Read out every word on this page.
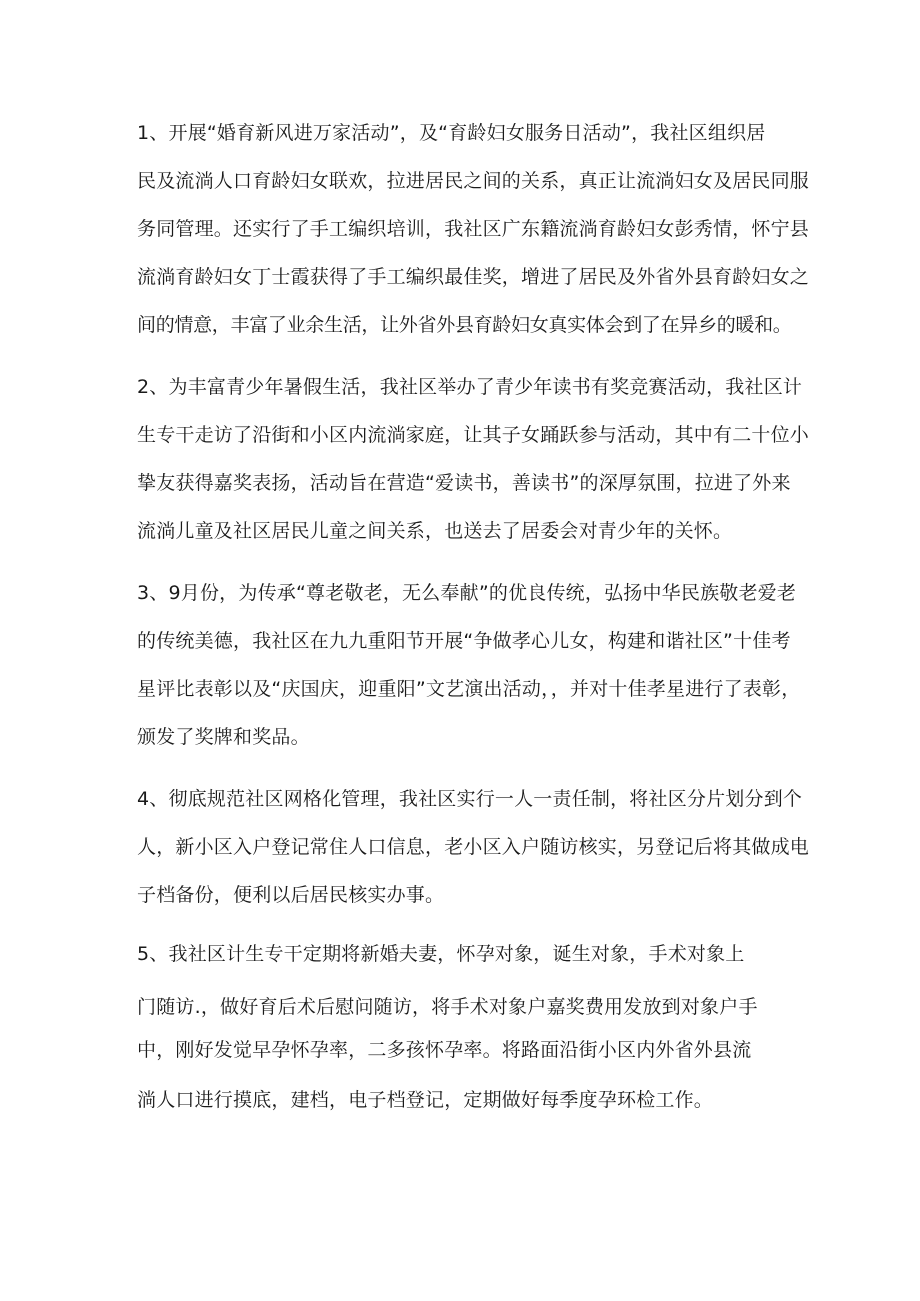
1、开展“婚育新风进万家活动”，及“育龄妇女服务日活动”，我社区组织居

民及流淌人口育龄妇女联欢，拉进居民之间的关系，真正让流淌妇女及居民同服

务同管理。还实行了手工编织培训，我社区广东籍流淌育龄妇女彭秀情，怀宁县

流淌育龄妇女丁士霞获得了手工编织最佳奖，增进了居民及外省外县育龄妇女之

间的情意，丰富了业余生活，让外省外县育龄妇女真实体会到了在异乡的暖和。

2、为丰富青少年暑假生活，我社区举办了青少年读书有奖竞赛活动，我社区计

生专干走访了沿街和小区内流淌家庭，让其子女踊跃参与活动，其中有二十位小

挚友获得嘉奖表扬，活动旨在营造“爱读书，善读书”的深厚氛围，拉进了外来

流淌儿童及社区居民儿童之间关系，也送去了居委会对青少年的关怀。

3、9月份，为传承“尊老敬老，无么奉献”的优良传统，弘扬中华民族敬老爱老

的传统美德，我社区在九九重阳节开展“争做孝心儿女，构建和谐社区”十佳考

星评比表彰以及“庆国庆，迎重阳”文艺演出活动，，并对十佳孝星进行了表彰，

颁发了奖牌和奖品。

4、彻底规范社区网格化管理，我社区实行一人一责任制，将社区分片划分到个

人，新小区入户登记常住人口信息，老小区入户随访核实，另登记后将其做成电

子档备份，便利以后居民核实办事。

5、我社区计生专干定期将新婚夫妻，怀孕对象，诞生对象，手术对象上

门随访.，做好育后术后慰问随访，将手术对象户嘉奖费用发放到对象户手

中，刚好发觉早孕怀孕率，二多孩怀孕率。将路面沿街小区内外省外县流

淌人口进行摸底，建档，电子档登记，定期做好每季度孕环检工作。
